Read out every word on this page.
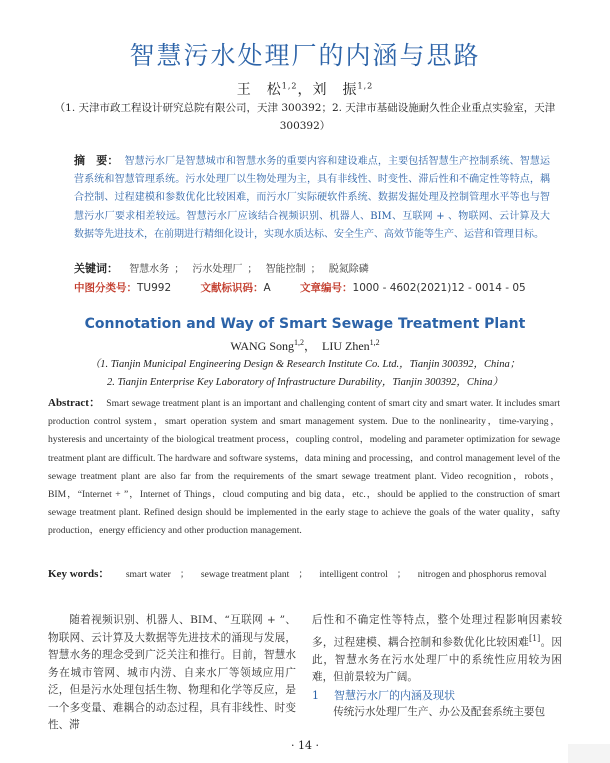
智慧污水处理厂的内涵与思路
王　松$^{1,2}$，刘　振$^{1,2}$
（1. 天津市政工程设计研究总院有限公司，天津 300392；2. 天津市基础设施耐久性企业重点实验室，天津 300392）
摘　要： 智慧污水厂是智慧城市和智慧水务的重要内容和建设难点，主要包括智慧生产控制系统、智慧运营系统和智慧管理系统。污水处理厂以生物处理为主，具有非线性、时变性、滞后性和不确定性等特点，耦合控制、过程建模和参数优化比较困难，而污水厂实际硬软件系统、数据发掘处理及控制管理水平等也与智慧污水厂要求相差较远。智慧污水厂应该结合视频识别、机器人、BIM、互联网 + 、物联网、云计算及大数据等先进技术，在前期进行精细化设计，实现水质达标、安全生产、高效节能等生产、运营和管理目标。
关键词： 智慧水务 ； 污水处理厂 ； 智能控制 ； 脱氮除磷
中图分类号：TU992	文献标识码：A	文章编号：1000 - 4602(2021)12 - 0014 - 05
Connotation and Way of Smart Sewage Treatment Plant
WANG Song$^{1,2}$，　LIU Zhen$^{1,2}$
（1. Tianjin Municipal Engineering Design & Research Institute Co. Ltd.，Tianjin 300392，China；
2. Tianjin Enterprise Key Laboratory of Infrastructure Durability，Tianjin 300392，China）
Abstract： Smart sewage treatment plant is an important and challenging content of smart city and smart water. It includes smart production control system，smart operation system and smart management system. Due to the nonlinearity，time-varying，hysteresis and uncertainty of the biological treatment process，coupling control，modeling and parameter optimization for sewage treatment plant are difficult. The hardware and software systems，data mining and processing，and control management level of the sewage treatment plant are also far from the requirements of the smart sewage treatment plant. Video recognition，robots，BIM，“Internet + ”，Internet of Things，cloud computing and big data，etc.，should be applied to the construction of smart sewage treatment plant. Refined design should be implemented in the early stage to achieve the goals of the water quality，safty production，energy efficiency and other production management.
Key words： smart water ； sewage treatment plant ； intelligent control ； nitrogen and phosphorus removal

随着视频识别、机器人、BIM、“互联网 + ”、物联网、云计算及大数据等先进技术的涌现与发展，智慧水务的理念受到广泛关注和推行。目前，智慧水务在城市管网、城市内涝、自来水厂等领域应用广泛，但是污水处理包括生物、物理和化学等反应，是一个多变量、难耦合的动态过程，具有非线性、时变性、滞

后性和不确定性等特点，整个处理过程影响因素较多，过程建模、耦合控制和参数优化比较困难[1]。因此，智慧水务在污水处理厂中的系统性应用较为困难，但前景较为广阔。

1 智慧污水厂的内涵及现状

传统污水处理厂生产、办公及配套系统主要包

· 14 ·
